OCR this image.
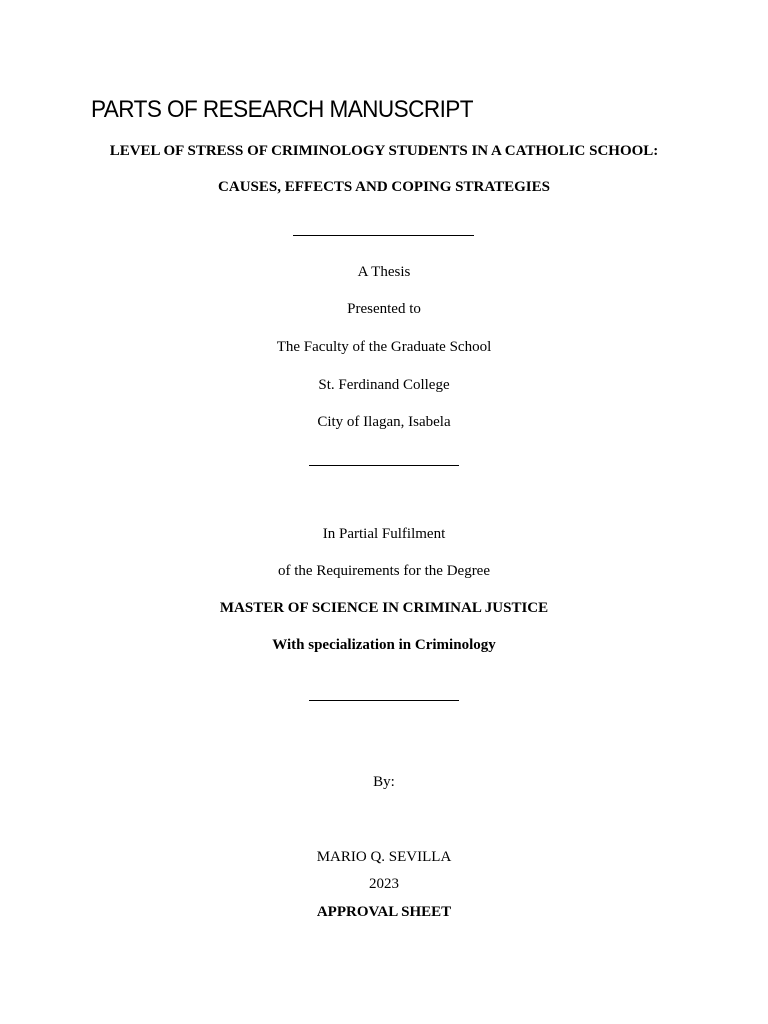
PARTS OF RESEARCH MANUSCRIPT

LEVEL OF STRESS OF CRIMINOLOGY STUDENTS IN A CATHOLIC SCHOOL:

CAUSES, EFFECTS AND COPING STRATEGIES

A Thesis

Presented to

The Faculty of the Graduate School

St. Ferdinand College

City of Ilagan, Isabela

In Partial Fulfilment

of the Requirements for the Degree

MASTER OF SCIENCE IN CRIMINAL JUSTICE

With specialization in Criminology

By:

MARIO Q. SEVILLA

2023

APPROVAL SHEET
